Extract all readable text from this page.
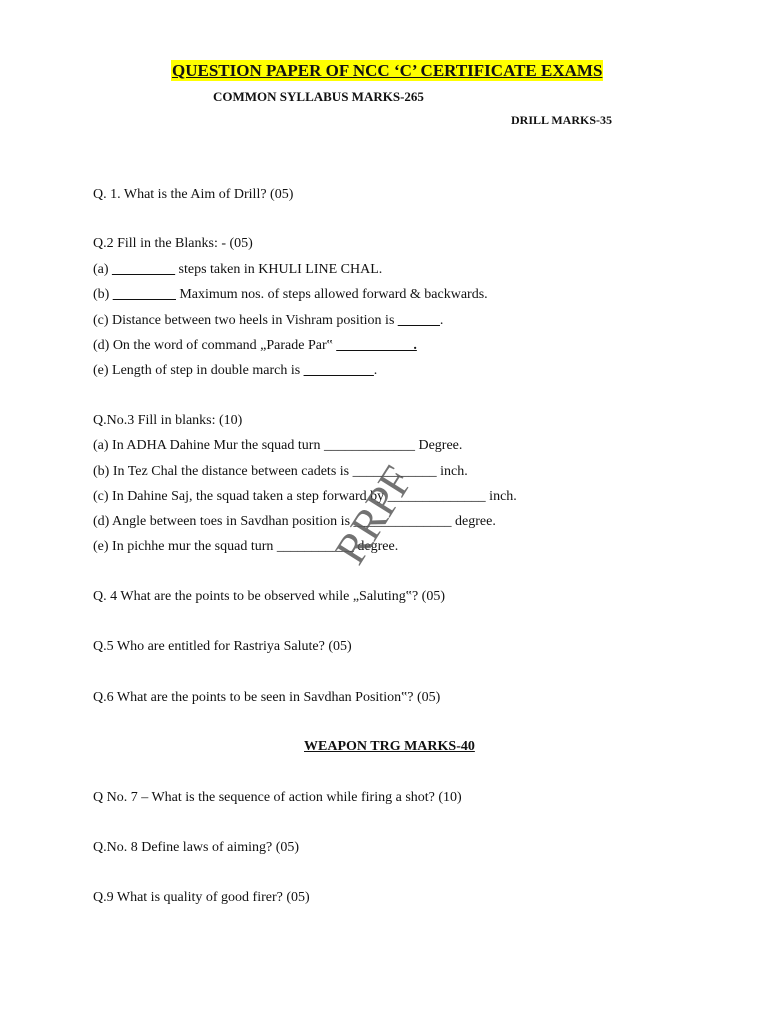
QUESTION PAPER OF NCC ‘C’ CERTIFICATE EXAMS
COMMON SYLLABUS MARKS-265
DRILL MARKS-35
Q. 1. What is the Aim of Drill? (05)
Q.2 Fill in the Blanks: - (05)
(a) _________ steps taken in KHULI LINE CHAL.
(b) _________ Maximum nos. of steps allowed forward & backwards.
(c) Distance between two heels in Vishram position is ______.
(d) On the word of command „Parade Par‟ ___________.
(e) Length of step in double march is __________.
Q.No.3 Fill in blanks: (10)
(a) In ADHA Dahine Mur the squad turn _____________ Degree.
(b) In Tez Chal the distance between cadets is ____________ inch.
(c) In Dahine Saj, the squad taken a step forward by ______________ inch.
(d) Angle between toes in Savdhan position is ______________ degree.
(e) In pichhe mur the squad turn ___________ degree.
Q. 4 What are the points to be observed while „Saluting‟? (05)
Q.5 Who are entitled for Rastriya Salute? (05)
Q.6 What are the points to be seen in Savdhan Position‟? (05)
WEAPON TRG MARKS-40
Q No. 7 – What is the sequence of action while firing a shot? (10)
Q.No. 8 Define laws of aiming? (05)
Q.9 What is quality of good firer? (05)
RRPF
